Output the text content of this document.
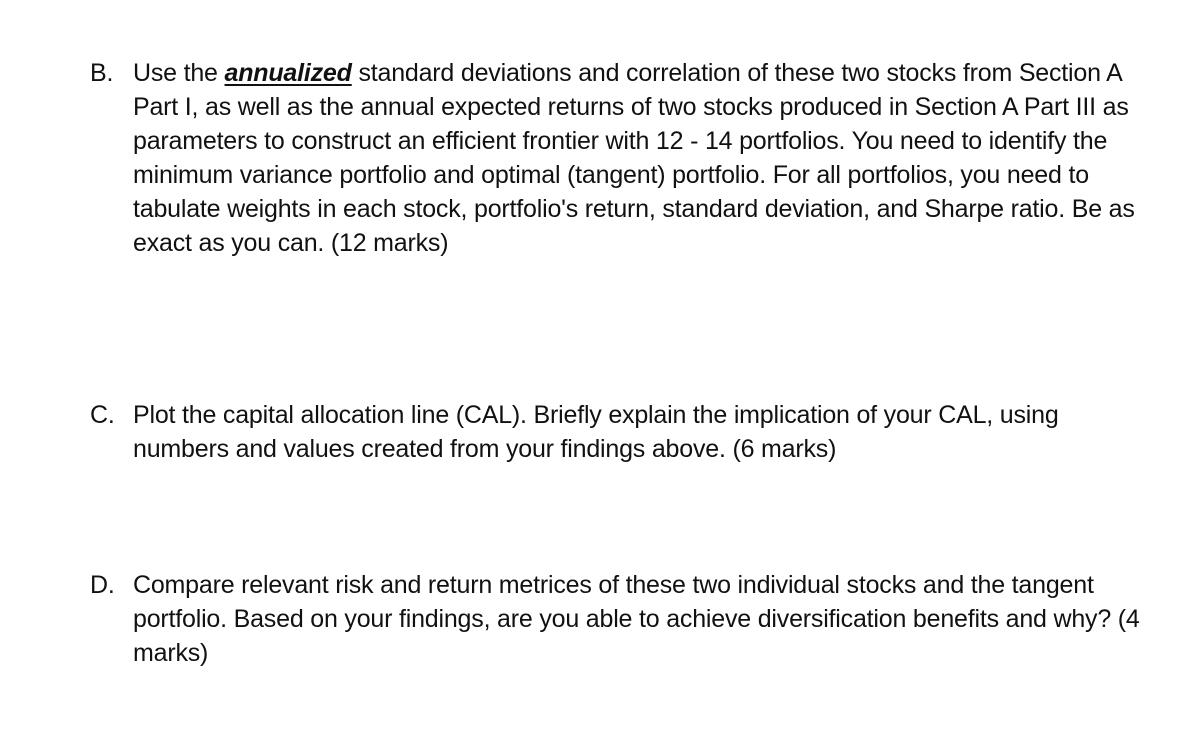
B. Use the annualized standard deviations and correlation of these two stocks from Section A Part I, as well as the annual expected returns of two stocks produced in Section A Part III as parameters to construct an efficient frontier with 12 - 14 portfolios. You need to identify the minimum variance portfolio and optimal (tangent) portfolio. For all portfolios, you need to tabulate weights in each stock, portfolio's return, standard deviation, and Sharpe ratio. Be as exact as you can. (12 marks)
C. Plot the capital allocation line (CAL). Briefly explain the implication of your CAL, using numbers and values created from your findings above. (6 marks)
D. Compare relevant risk and return metrices of these two individual stocks and the tangent portfolio. Based on your findings, are you able to achieve diversification benefits and why? (4 marks)
